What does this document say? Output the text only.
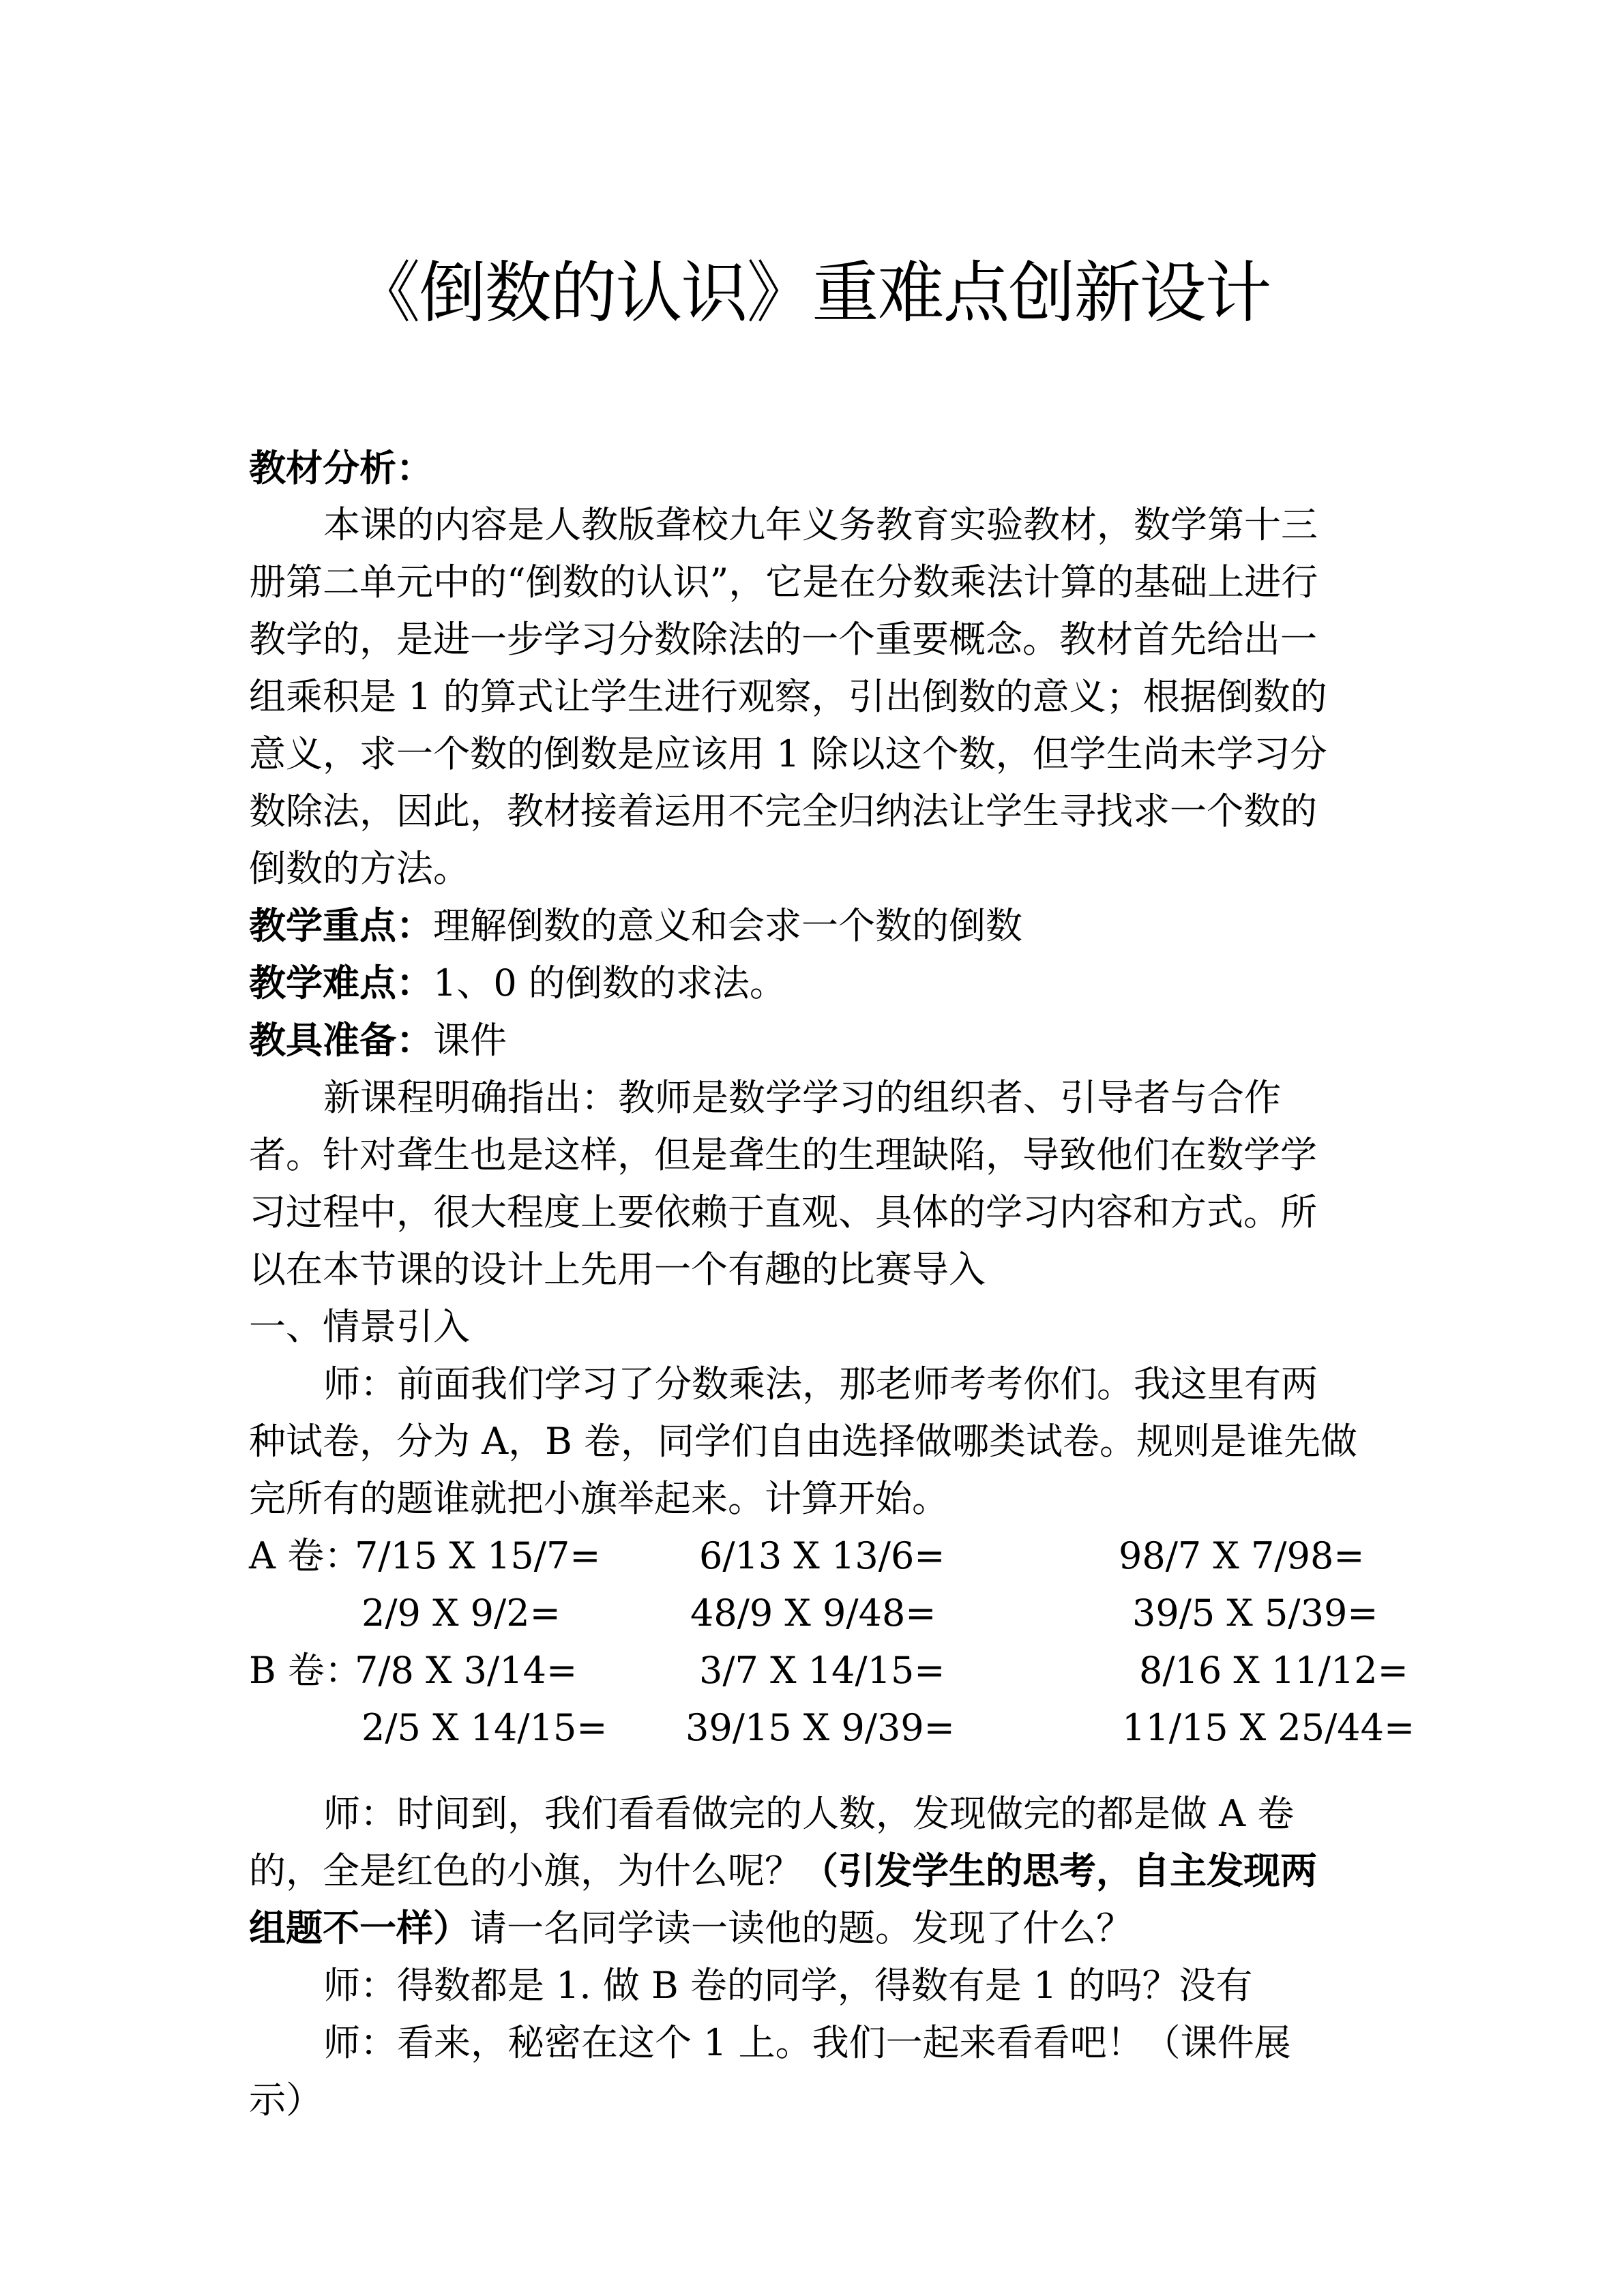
《倒数的认识》重难点创新设计
教材分析：
本课的内容是人教版聋校九年义务教育实验教材，数学第十三
册第二单元中的“倒数的认识”，它是在分数乘法计算的基础上进行
教学的，是进一步学习分数除法的一个重要概念。教材首先给出一
组乘积是 1 的算式让学生进行观察，引出倒数的意义；根据倒数的
意义，求一个数的倒数是应该用 1 除以这个数，但学生尚未学习分
数除法，因此，教材接着运用不完全归纳法让学生寻找求一个数的
倒数的方法。
教学重点：理解倒数的意义和会求一个数的倒数
教学难点：1、0 的倒数的求法。
教具准备：课件
新课程明确指出：教师是数学学习的组织者、引导者与合作
者。针对聋生也是这样，但是聋生的生理缺陷，导致他们在数学学
习过程中，很大程度上要依赖于直观、具体的学习内容和方式。所
以在本节课的设计上先用一个有趣的比赛导入
一、情景引入
师：前面我们学习了分数乘法，那老师考考你们。我这里有两
种试卷，分为 A，B 卷，同学们自由选择做哪类试卷。规则是谁先做
完所有的题谁就把小旗举起来。计算开始。
A 卷：
7/15 X 15/7=	6/13 X 13/6=	98/7 X 7/98=
2/9 X 9/2=	48/9 X 9/48=	39/5 X 5/39=
B 卷：
7/8 X 3/14=	3/7 X 14/15=	8/16 X 11/12=
2/5 X 14/15= 39/15 X 9/39=	11/15 X 25/44=
师：时间到，我们看看做完的人数，发现做完的都是做 A 卷
的，全是红色的小旗，为什么呢？（引发学生的思考，自主发现两
组题不一样）请一名同学读一读他的题。发现了什么？
师：得数都是 1. 做 B 卷的同学，得数有是 1 的吗？没有
师：看来，秘密在这个 1 上。我们一起来看看吧！（课件展
示）
